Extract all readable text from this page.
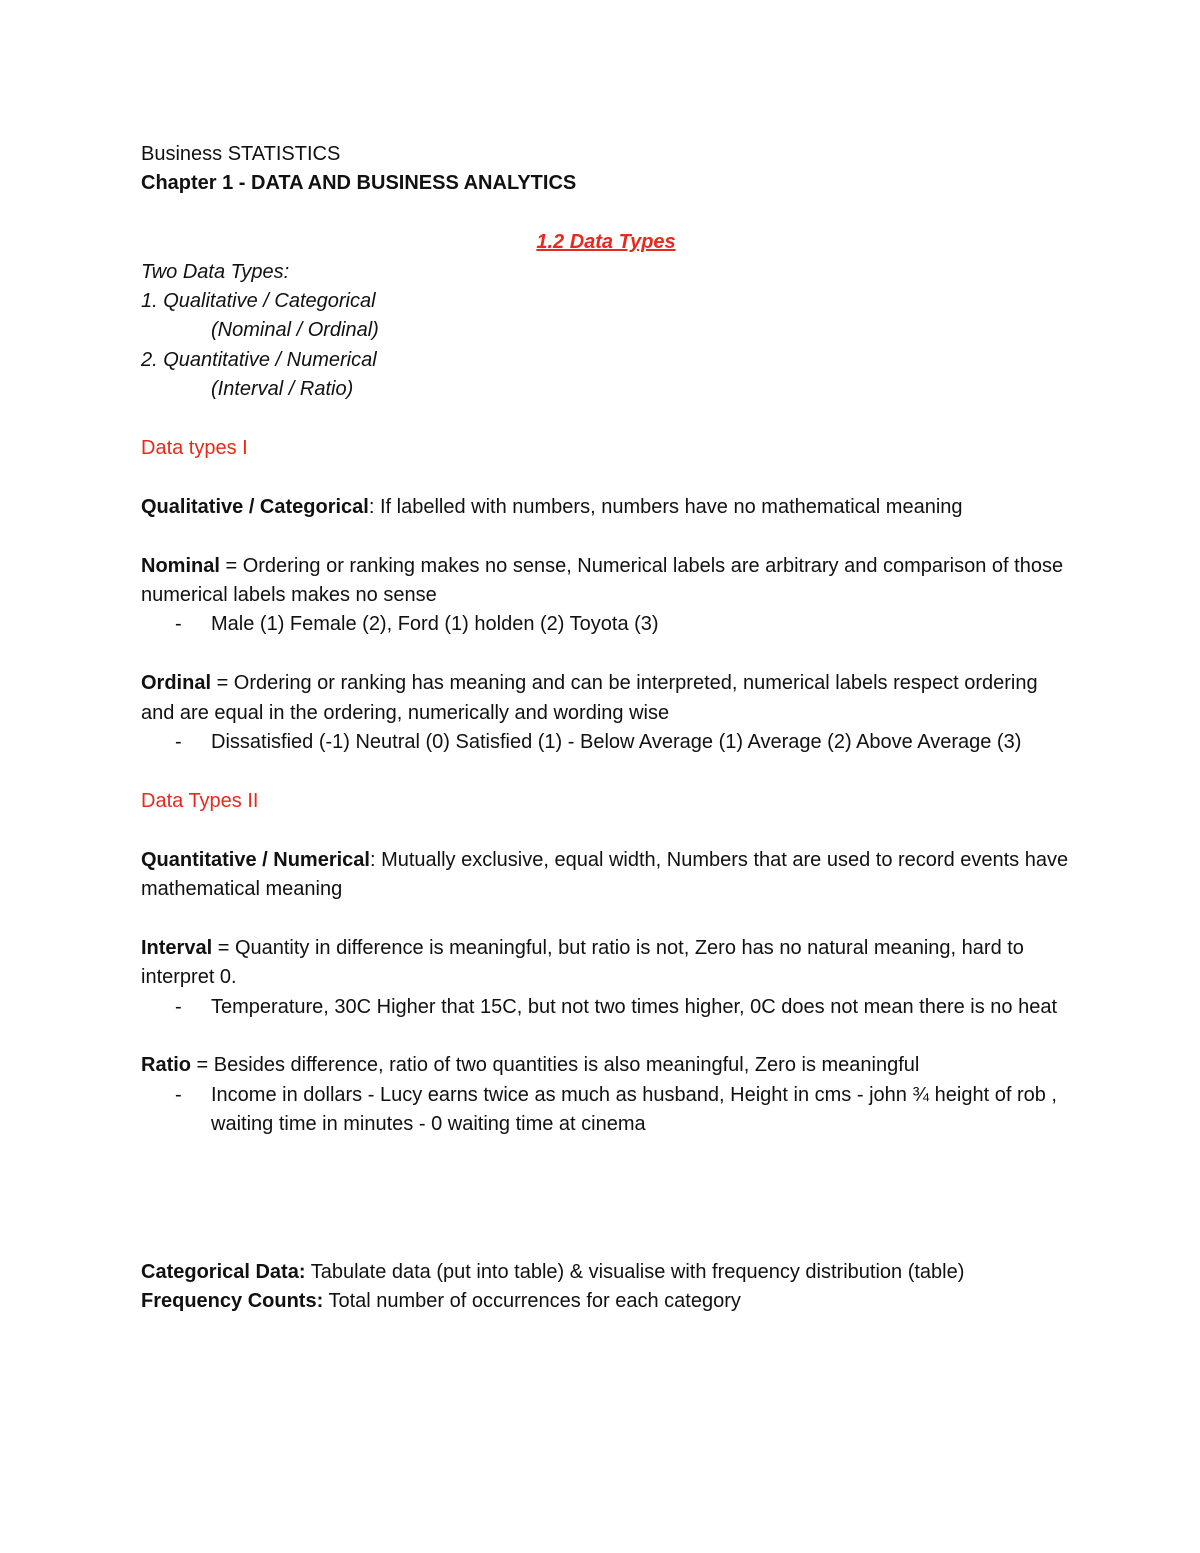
Business STATISTICS
Chapter 1 - DATA AND BUSINESS ANALYTICS
1.2 Data Types
Two Data Types:
1. Qualitative / Categorical
(Nominal / Ordinal)
2. Quantitative / Numerical
(Interval / Ratio)
Data types I
Qualitative / Categorical: If labelled with numbers, numbers have no mathematical meaning
Nominal = Ordering or ranking makes no sense, Numerical labels are arbitrary and comparison of those numerical labels makes no sense
- Male (1) Female (2), Ford (1) holden (2) Toyota (3)
Ordinal = Ordering or ranking has meaning and can be interpreted, numerical labels respect ordering and are equal in the ordering, numerically and wording wise
- Dissatisfied (-1) Neutral (0) Satisfied (1) - Below Average (1) Average (2) Above Average (3)
Data Types II
Quantitative / Numerical: Mutually exclusive, equal width, Numbers that are used to record events have mathematical meaning
Interval = Quantity in difference is meaningful, but ratio is not, Zero has no natural meaning, hard to interpret 0.
- Temperature, 30C Higher that 15C, but not two times higher, 0C does not mean there is no heat
Ratio = Besides difference, ratio of two quantities is also meaningful, Zero is meaningful
- Income in dollars - Lucy earns twice as much as husband, Height in cms - john ¾ height of rob , waiting time in minutes - 0 waiting time at cinema
Categorical Data: Tabulate data (put into table) & visualise with frequency distribution (table)
Frequency Counts: Total number of occurrences for each category
